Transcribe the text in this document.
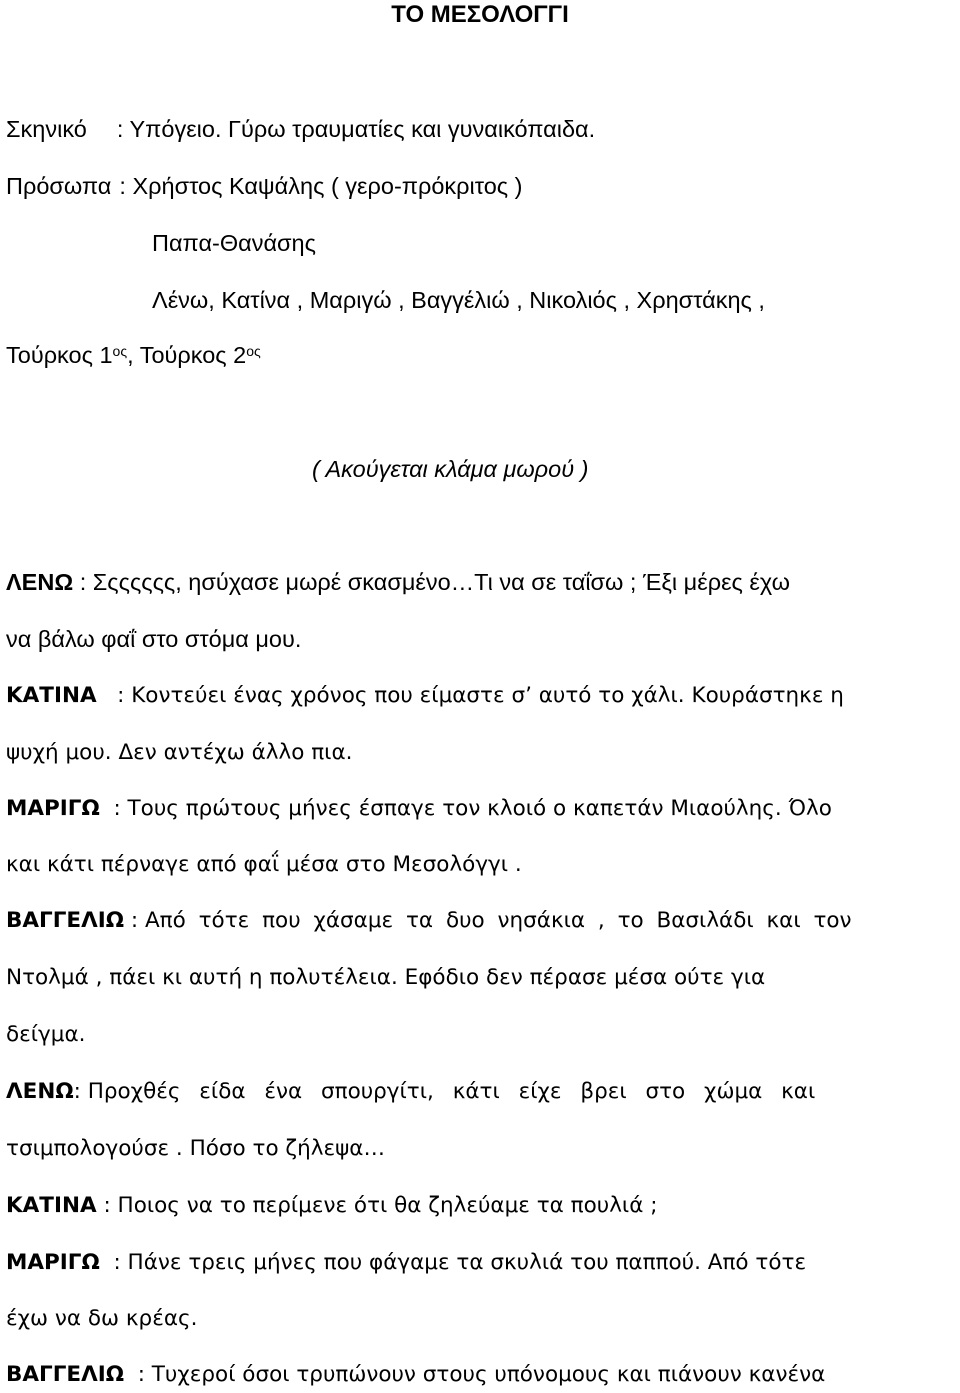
ΤΟ ΜΕΣΟΛΟΓΓΙ
Σκηνικό : Υπόγειο. Γύρω τραυματίες και γυναικόπαιδα.
Πρόσωπα : Χρήστος Καψάλης ( γερο-πρόκριτος )
Παπα-Θανάσης
Λένω, Κατίνα , Μαριγώ , Βαγγέλιώ , Νικολιός , Χρηστάκης ,
Τούρκος $1^{o\varsigma}$, Τούρκος $2^{o\varsigma}$
( Ακούγεται κλάμα μωρού )
ΛΕΝΩ : Σςςςςςς, ησύχασε μωρέ σκασμένο…Τι να σε ταΐσω ; Έξι μέρες έχω
να βάλω φαΐ στο στόμα μου.
ΚΑΤΙΝΑ   : Κοντεύει ένας χρόνος που είμαστε σ’ αυτό το χάλι. Κουράστηκε η
ψυχή μου. Δεν αντέχω άλλο πια.
ΜΑΡΙΓΩ  : Τους πρώτους μήνες έσπαγε τον κλοιό ο καπετάν Μιαούλης. Όλο
και κάτι πέρναγε από φαΐ μέσα στο Μεσολόγγι .
ΒΑΓΓΕΛΙΩ : Από τότε που χάσαμε τα δυο νησάκια , το Βασιλάδι και τον
Ντολμά , πάει κι αυτή η πολυτέλεια. Εφόδιο δεν πέρασε μέσα ούτε για
δείγμα.
ΛΕΝΩ: Προχθές είδα ένα σπουργίτι, κάτι είχε βρει στο χώμα και
τσιμπολογούσε . Πόσο το ζήλεψα…
ΚΑΤΙΝΑ : Ποιος να το περίμενε ότι θα ζηλεύαμε τα πουλιά ;
ΜΑΡΙΓΩ  : Πάνε τρεις μήνες που φάγαμε τα σκυλιά του παππού. Από τότε
έχω να δω κρέας.
ΒΑΓΓΕΛΙΩ  : Τυχεροί όσοι τρυπώνουν στους υπόνομους και πιάνουν κανένα
